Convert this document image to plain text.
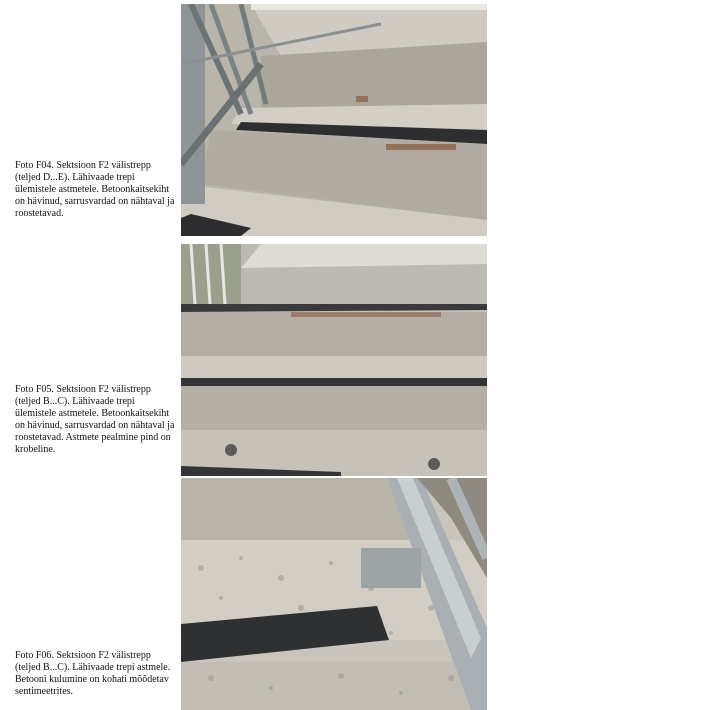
Foto F04. Sektsioon F2 välistrepp (teljed D...E). Lähivaade trepi ülemistele astmetele. Betoonkaitsekiht on hävinud, sarrusvardad on nähtaval ja roostetavad.
Foto F05. Sektsioon F2 välistrepp (teljed B...C). Lähivaade trepi ülemistele astmetele. Betoonkaitsekiht on hävinud, sarrusvardad on nähtaval ja roostetavad. Astmete pealmine pind on krobeline.
Foto F06. Sektsioon F2 välistrepp (teljed B...C). Lähivaade trepi astmele. Betooni kulumine on kohati mõõdetav sentimeetrites.
